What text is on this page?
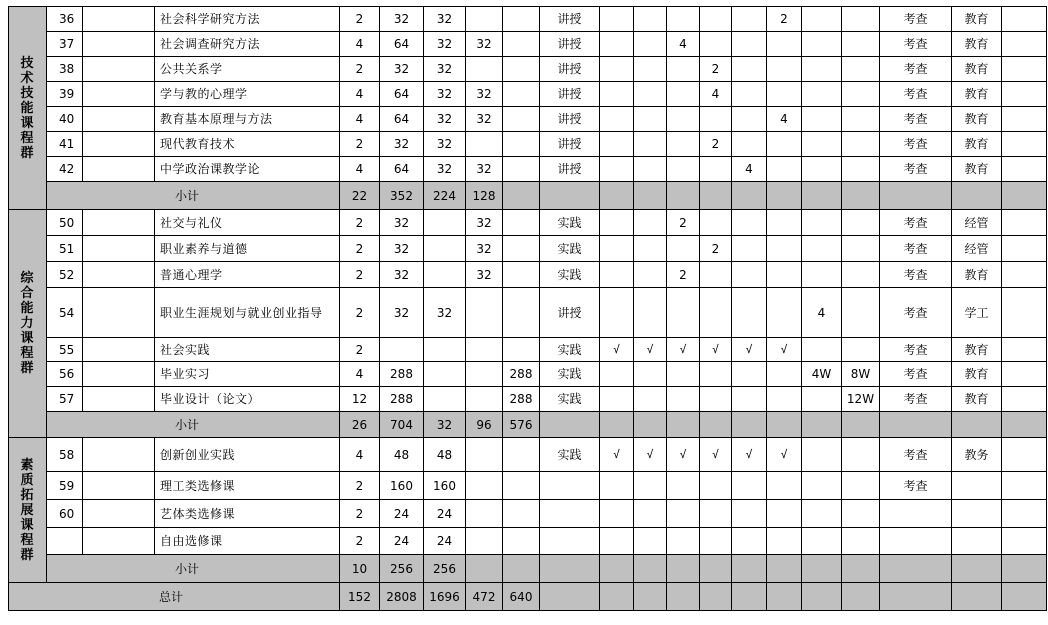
技术技能课程群	36		社会科学研究方法	2	32	32			讲授						2			考查	教育	
	37		社会调查研究方法	4	64	32	32		讲授			4						考查	教育	
	38		公共关系学	2	32	32			讲授				2					考查	教育	
	39		学与教的心理学	4	64	32	32		讲授				4					考查	教育	
	40		教育基本原理与方法	4	64	32	32		讲授						4			考查	教育	
	41		现代教育技术	2	32	32			讲授				2					考查	教育	
	42		中学政治课教学论	4	64	32	32		讲授					4				考查	教育	
	小计			22	352	224	128													
综合能力课程群	50		社交与礼仪	2	32		32		实践			2						考查	经管	
	51		职业素养与道德	2	32		32		实践				2					考查	经管	
	52		普通心理学	2	32		32		实践			2						考查	教育	
	54		职业生涯规划与就业创业指导	2	32	32			讲授							4		考查	学工	
	55		社会实践	2					实践	√	√	√	√	√	√			考查	教育	
	56		毕业实习	4	288			288	实践							4W	8W	考查	教育	
	57		毕业设计（论文）	12	288			288	实践								12W	考查	教育	
	小计			26	704	32	96	576												
素质拓展课程群	58		创新创业实践	4	48	48			实践	√	√	√	√	√	√			考查	教务	
	59		理工类选修课	2	160	160												考查		
	60		艺体类选修课	2	24	24														
			自由选修课	2	24	24														
	小计			10	256	256														
总计				152	2808	1696	472	640												
